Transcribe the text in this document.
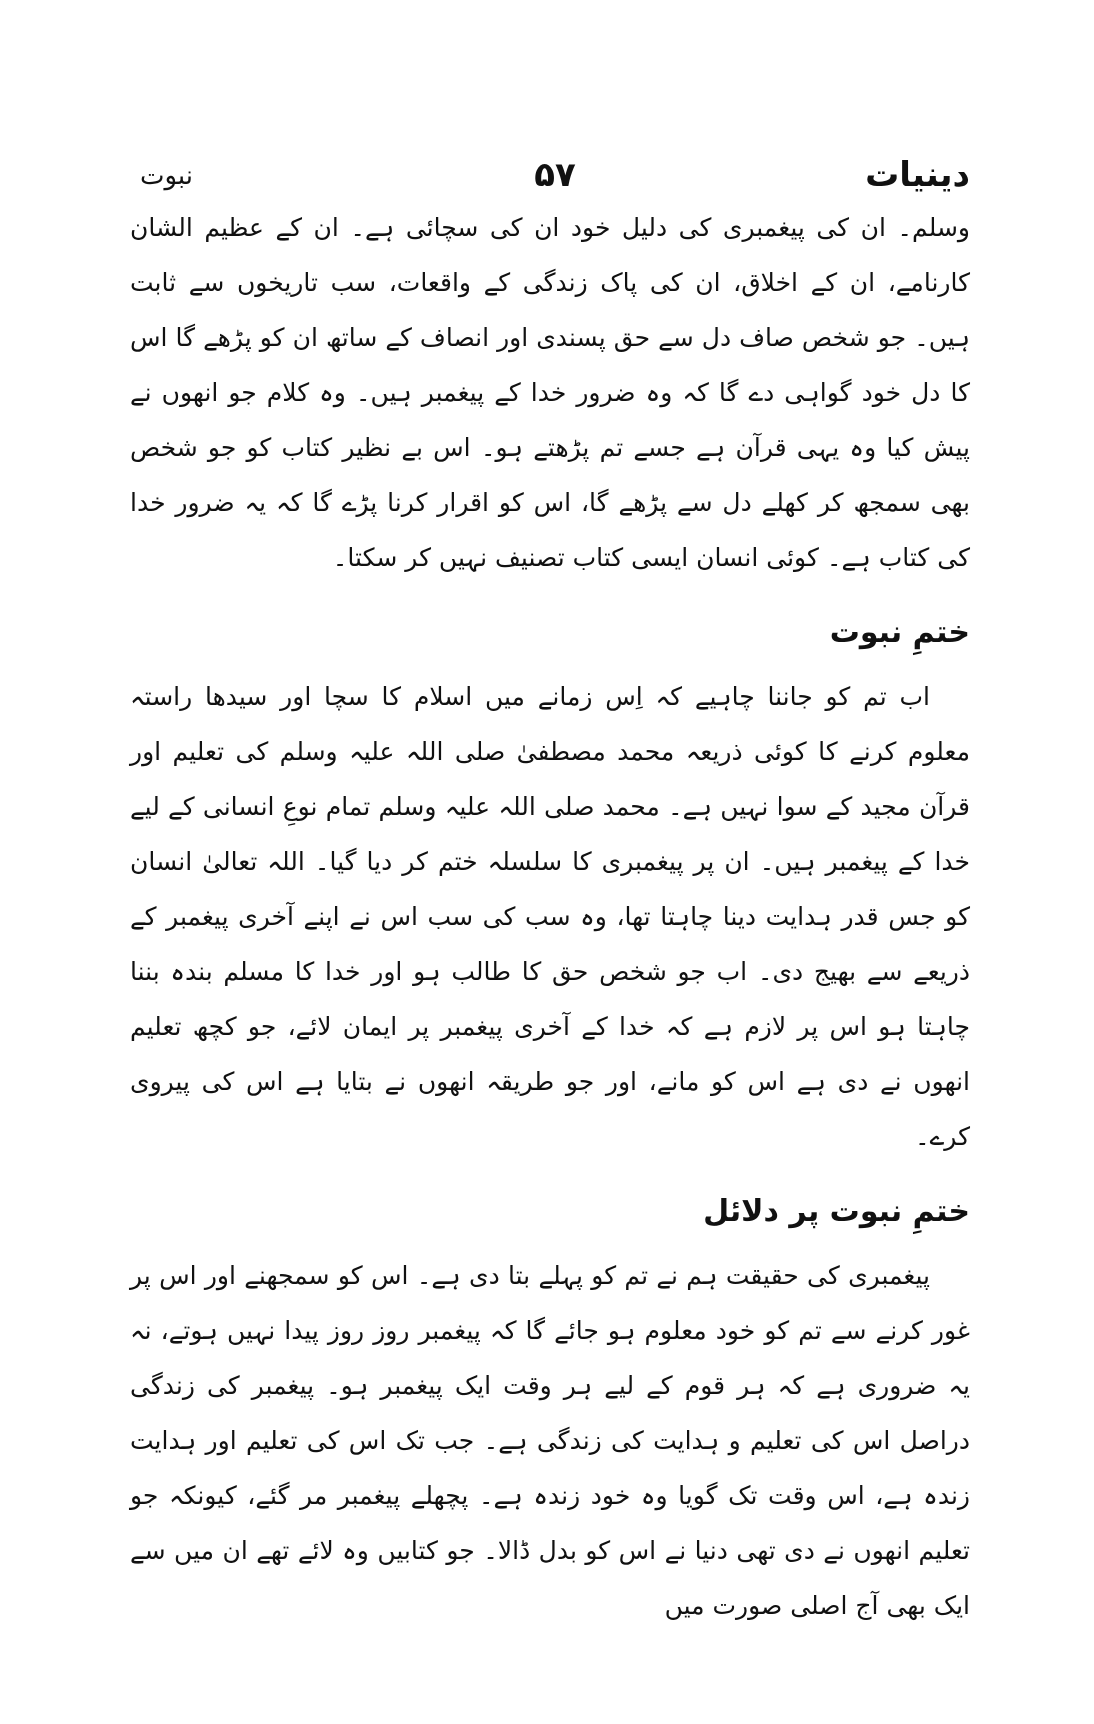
دینیات
۵۷
نبوت

وسلم۔ ان کی پیغمبری کی دلیل خود ان کی سچائی ہے۔ ان کے عظیم الشان کارنامے، ان کے اخلاق، ان کی پاک زندگی کے واقعات، سب تاریخوں سے ثابت ہیں۔ جو شخص صاف دل سے حق پسندی اور انصاف کے ساتھ ان کو پڑھے گا اس کا دل خود گواہی دے گا کہ وہ ضرور خدا کے پیغمبر ہیں۔ وہ کلام جو انھوں نے پیش کیا وہ یہی قرآن ہے جسے تم پڑھتے ہو۔ اس بے نظیر کتاب کو جو شخص بھی سمجھ کر کھلے دل سے پڑھے گا، اس کو اقرار کرنا پڑے گا کہ یہ ضرور خدا کی کتاب ہے۔ کوئی انسان ایسی کتاب تصنیف نہیں کر سکتا۔

ختمِ نبوت

اب تم کو جاننا چاہیے کہ اِس زمانے میں اسلام کا سچا اور سیدھا راستہ معلوم کرنے کا کوئی ذریعہ محمد مصطفیٰ صلی اللہ علیہ وسلم کی تعلیم اور قرآن مجید کے سوا نہیں ہے۔ محمد صلی اللہ علیہ وسلم تمام نوعِ انسانی کے لیے خدا کے پیغمبر ہیں۔ ان پر پیغمبری کا سلسلہ ختم کر دیا گیا۔ اللہ تعالیٰ انسان کو جس قدر ہدایت دینا چاہتا تھا، وہ سب کی سب اس نے اپنے آخری پیغمبر کے ذریعے سے بھیج دی۔ اب جو شخص حق کا طالب ہو اور خدا کا مسلم بندہ بننا چاہتا ہو اس پر لازم ہے کہ خدا کے آخری پیغمبر پر ایمان لائے، جو کچھ تعلیم انھوں نے دی ہے اس کو مانے، اور جو طریقہ انھوں نے بتایا ہے اس کی پیروی کرے۔

ختمِ نبوت پر دلائل

پیغمبری کی حقیقت ہم نے تم کو پہلے بتا دی ہے۔ اس کو سمجھنے اور اس پر غور کرنے سے تم کو خود معلوم ہو جائے گا کہ پیغمبر روز روز پیدا نہیں ہوتے، نہ یہ ضروری ہے کہ ہر قوم کے لیے ہر وقت ایک پیغمبر ہو۔ پیغمبر کی زندگی دراصل اس کی تعلیم و ہدایت کی زندگی ہے۔ جب تک اس کی تعلیم اور ہدایت زندہ ہے، اس وقت تک گویا وہ خود زندہ ہے۔ پچھلے پیغمبر مر گئے، کیونکہ جو تعلیم انھوں نے دی تھی دنیا نے اس کو بدل ڈالا۔ جو کتابیں وہ لائے تھے ان میں سے ایک بھی آج اصلی صورت میں
